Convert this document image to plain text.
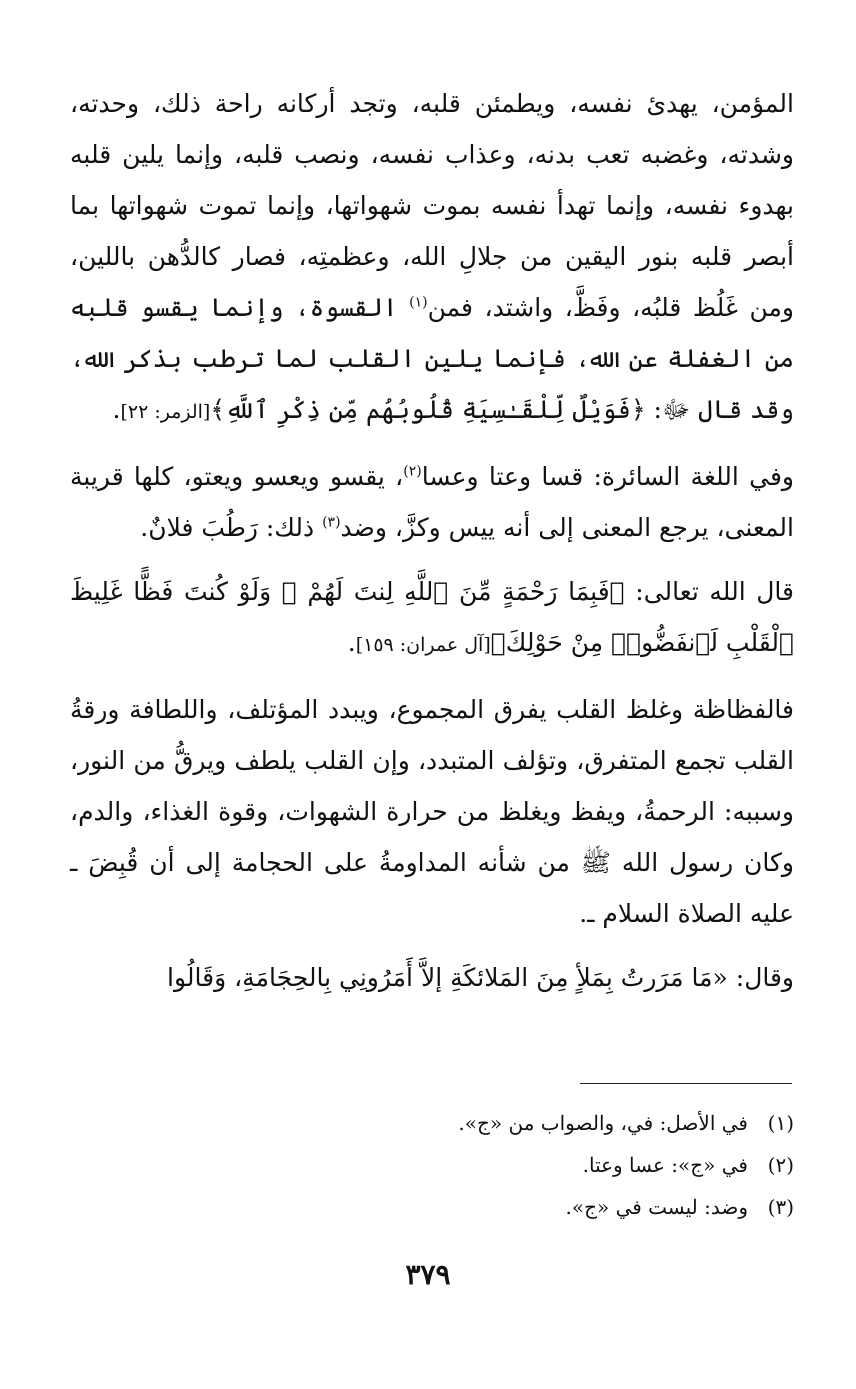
المؤمن، يهدئ نفسه، ويطمئن قلبه، وتجد أركانه راحة ذلك، وحدته، وشدته، وغضبه تعب بدنه، وعذاب نفسه، ونصب قلبه، وإنما يلين قلبه بهدوء نفسه، وإنما تهدأ نفسه بموت شهواتها، وإنما تموت شهواتها بما أبصر قلبه بنور اليقين من جلالِ الله، وعظمتِه، فصار كالدُّهن باللين، ومن غَلُظ قلبُه، وفَظَّ، واشتد، فمن$^{(١)}$ القسوة، وإنما يقسو قلبه من الغفلة عن الله، فإنما يلين القلب لما ترطب بذكر الله، وقد قال ﷻ: ﴿فَوَيْلٌ لِّلْقَـٰسِيَةِ قُلُوبُهُم مِّن ذِكْرِ ٱللَّهِ﴾[الزمر: ٢٢].

وفي اللغة السائرة: قسا وعتا وعسا$^{(٢)}$، يقسو ويعسو ويعتو، كلها قريبة المعنى، يرجع المعنى إلى أنه ييس وكزَّ، وضد$^{(٣)}$ ذلك: رَطُبَ فلانٌ.

قال الله تعالى: ﴿فَبِمَا رَحْمَةٍ مِّنَ ٱللَّهِ لِنتَ لَهُمْ ۖ وَلَوْ كُنتَ فَظًّا غَلِيظَ ٱلْقَلْبِ لَٱنفَضُّوا۟ مِنْ حَوْلِكَ﴾[آل عمران: ١٥٩].

فالفظاظة وغلظ القلب يفرق المجموع، ويبدد المؤتلف، واللطافة ورقةُ القلب تجمع المتفرق، وتؤلف المتبدد، وإن القلب يلطف ويرقُّ من النور، وسببه: الرحمةُ، ويفظ ويغلظ من حرارة الشهوات، وقوة الغذاء، والدم، وكان رسول الله ﷺ من شأنه المداومةُ على الحجامة إلى أن قُبِضَ ـ عليه الصلاة السلام ـ.

وقال: «مَا مَرَرتُ بِمَلأٍ مِنَ المَلائكَةِ إلاَّ أَمَرُونِي بِالحِجَامَةِ، وَقَالُوا

(١)
في الأصل: في، والصواب من «ج».
(٢)
في «ج»: عسا وعتا.
(٣)
وضد: ليست في «ج».
٣٧٩
